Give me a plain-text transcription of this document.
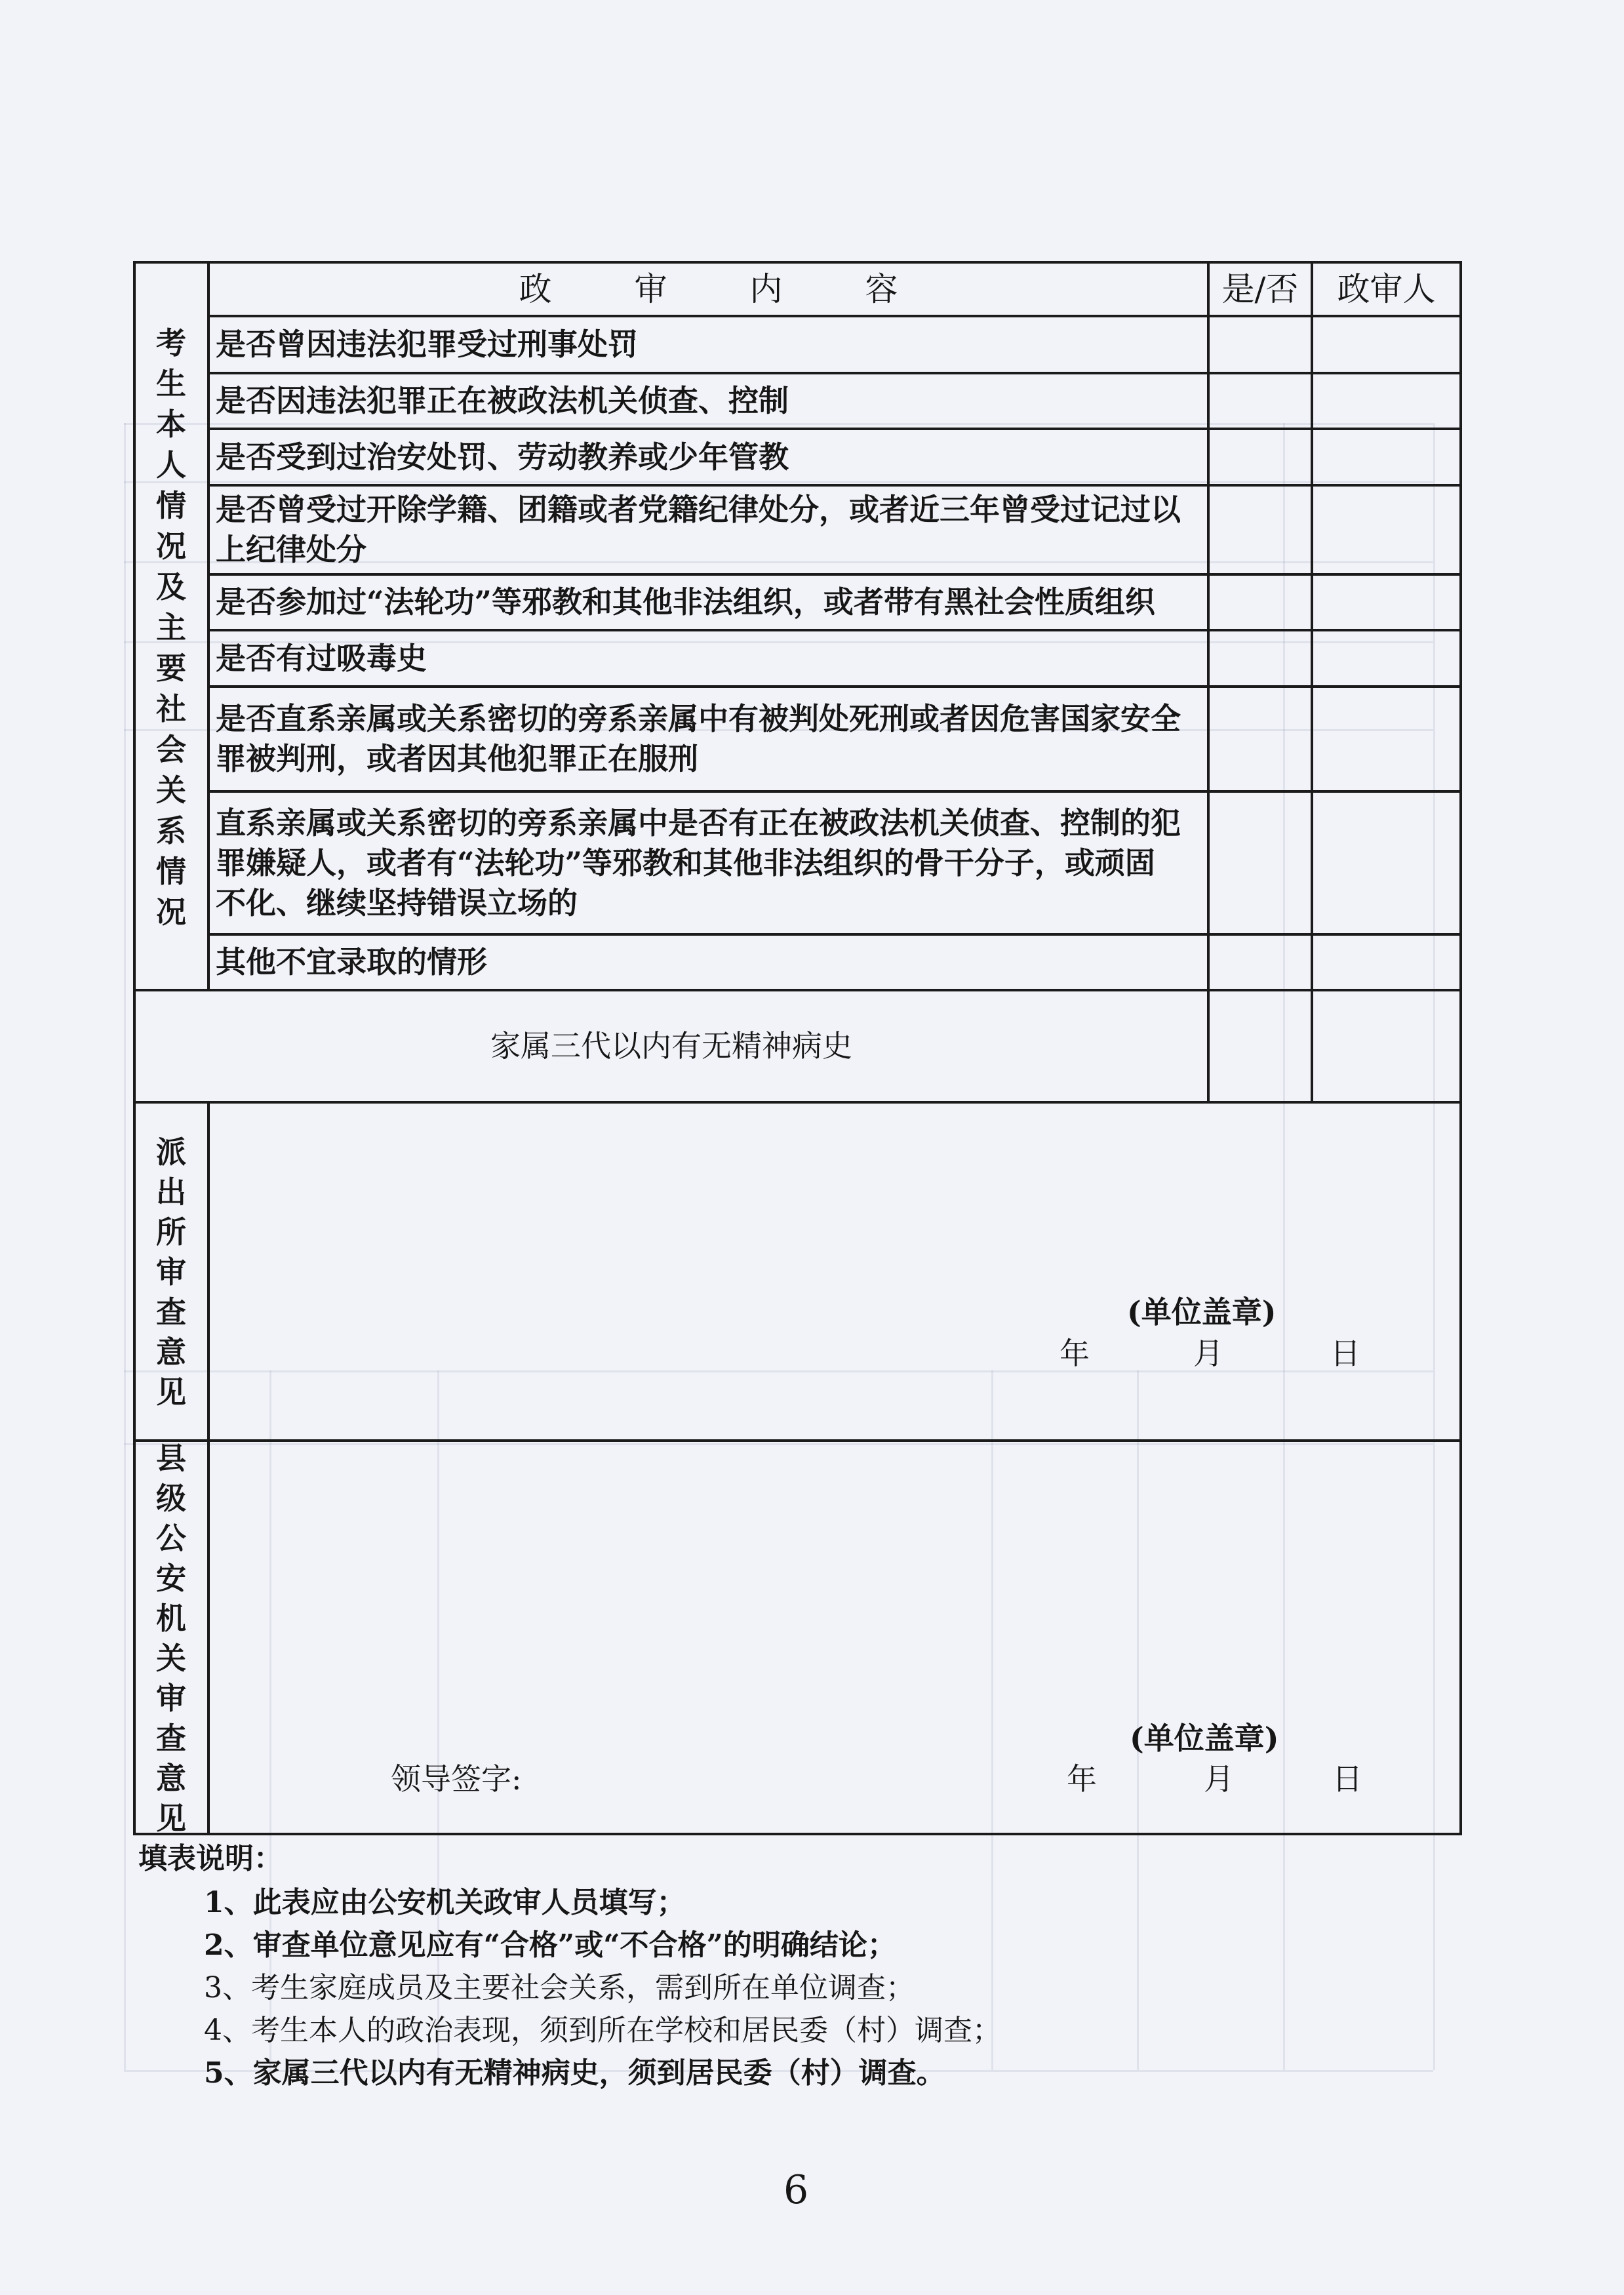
考生本人情况及主要社会关系情况
政审内容	是/否 政审人
是否曾因违法犯罪受过刑事处罚
是否因违法犯罪正在被政法机关侦查、控制
是否受到过治安处罚、劳动教养或少年管教
是否曾受过开除学籍、团籍或者党籍纪律处分，或者近三年曾受过记过以
上纪律处分
是否参加过“法轮功”等邪教和其他非法组织，或者带有黑社会性质组织
是否有过吸毒史
是否直系亲属或关系密切的旁系亲属中有被判处死刑或者因危害国家安全
罪被判刑，或者因其他犯罪正在服刑
直系亲属或关系密切的旁系亲属中是否有正在被政法机关侦查、控制的犯
罪嫌疑人，或者有“法轮功”等邪教和其他非法组织的骨干分子，或顽固
不化、继续坚持错误立场的
其他不宜录取的情形
家属三代以内有无精神病史
派出所审查意见
(单位盖章)
年	月	日
县级公安机关审查意见
(单位盖章)
领导签字:	年	月	日
填表说明：
1、此表应由公安机关政审人员填写；
2、审查单位意见应有“合格”或“不合格”的明确结论；
3、考生家庭成员及主要社会关系，需到所在单位调查；
4、考生本人的政治表现，须到所在学校和居民委（村）调查；
5、家属三代以内有无精神病史，须到居民委（村）调查。
6
